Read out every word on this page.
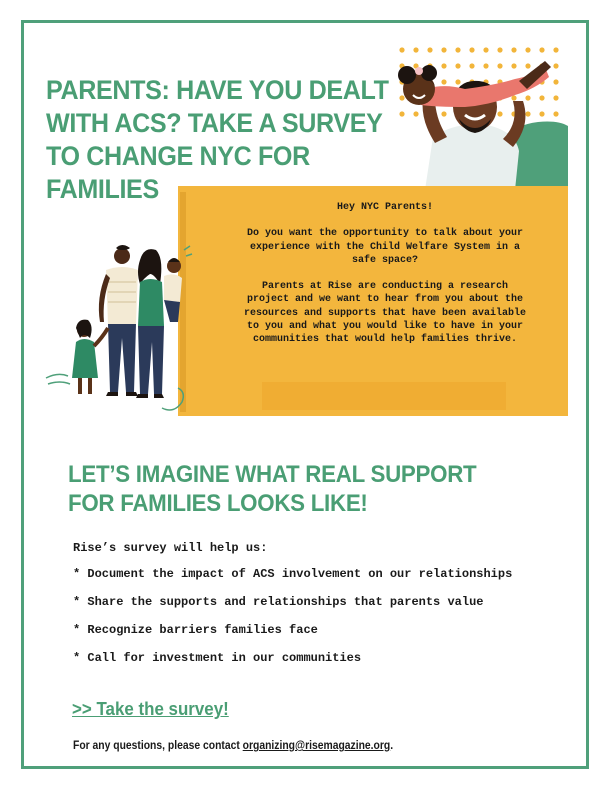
PARENTS: HAVE YOU DEALT WITH ACS? TAKE A SURVEY TO CHANGE NYC FOR FAMILIES
Hey NYC Parents!

Do you want the opportunity to talk about your experience with the Child Welfare System in a safe space?

Parents at Rise are conducting a research project and we want to hear from you about the resources and supports that have been available to you and what you would like to have in your communities that would help families thrive.
LET’S IMAGINE WHAT REAL SUPPORT FOR FAMILIES LOOKS LIKE!

Rise’s survey will help us:

* Document the impact of ACS involvement on our relationships
* Share the supports and relationships that parents value
* Recognize barriers families face
* Call for investment in our communities
>> Take the survey!

For any questions, please contact organizing@risemagazine.org.
